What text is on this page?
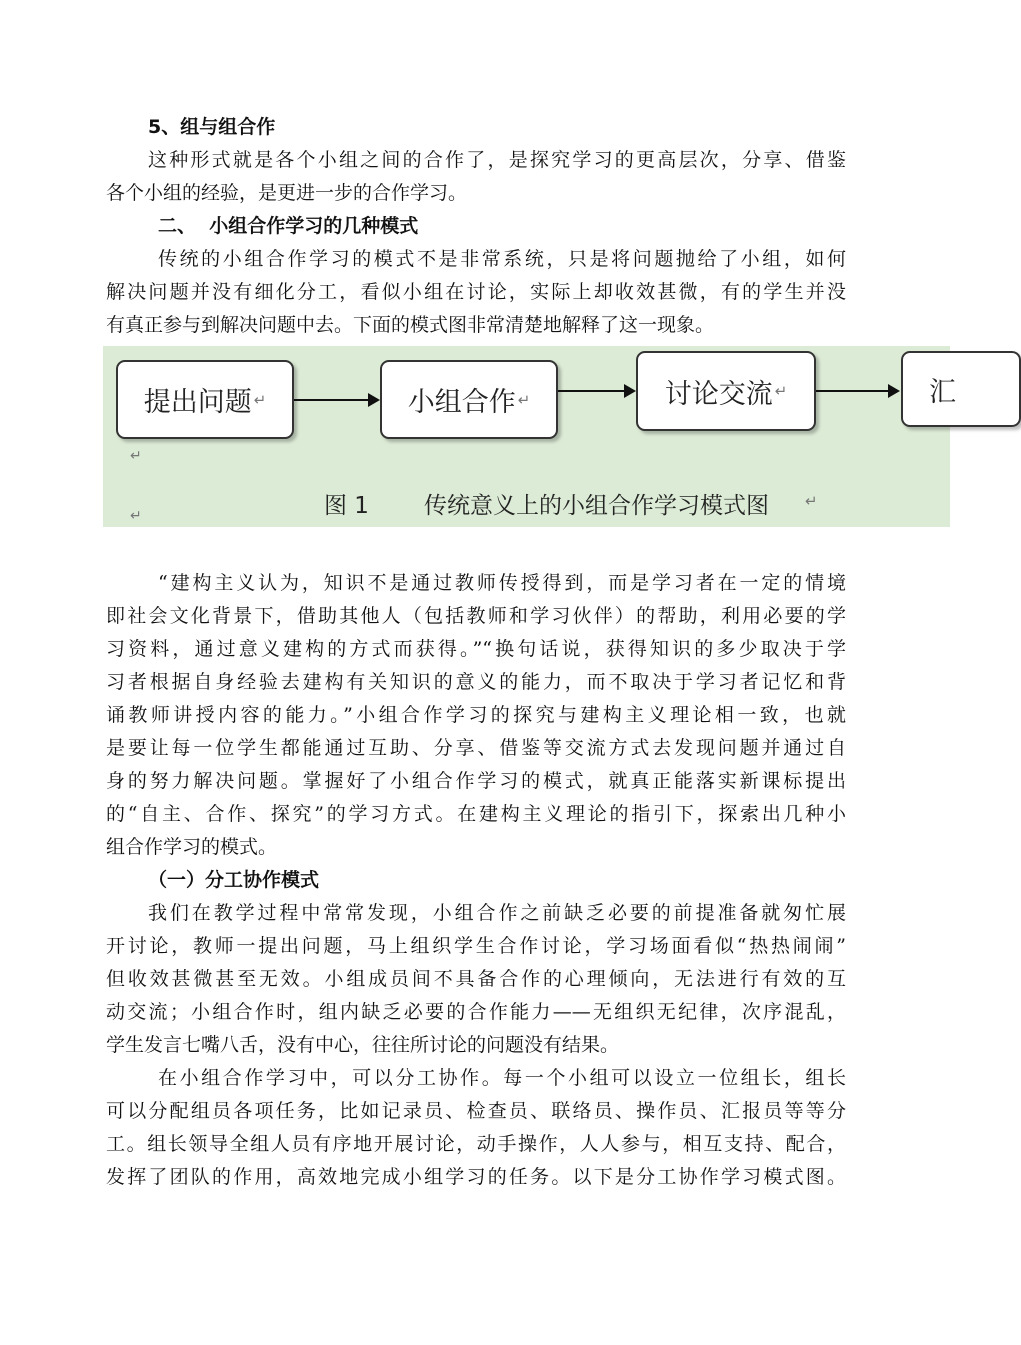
5、组与组合作
这种形式就是各个小组之间的合作了，是探究学习的更高层次，分享、借鉴
各个小组的经验，是更进一步的合作学习。
二、  小组合作学习的几种模式
传统的小组合作学习的模式不是非常系统，只是将问题抛给了小组，如何
解决问题并没有细化分工，看似小组在讨论，实际上却收效甚微，有的学生并没
有真正参与到解决问题中去。下面的模式图非常清楚地解释了这一现象。
提出问题 ↵	小组合作 ↵	讨论交流 ↵	汇
↵
图 1 传统意义上的小组合作学习模式图 ↵
↵
“建构主义认为，知识不是通过教师传授得到，而是学习者在一定的情境
即社会文化背景下，借助其他人（包括教师和学习伙伴）的帮助，利用必要的学
习资料，通过意义建构的方式而获得。”“换句话说，获得知识的多少取决于学
习者根据自身经验去建构有关知识的意义的能力，而不取决于学习者记忆和背
诵教师讲授内容的能力。”小组合作学习的探究与建构主义理论相一致，也就
是要让每一位学生都能通过互助、分享、借鉴等交流方式去发现问题并通过自
身的努力解决问题。掌握好了小组合作学习的模式，就真正能落实新课标提出
的“自主、合作、探究”的学习方式。在建构主义理论的指引下，探索出几种小
组合作学习的模式。
（一）分工协作模式
我们在教学过程中常常发现，小组合作之前缺乏必要的前提准备就匆忙展
开讨论，教师一提出问题，马上组织学生合作讨论，学习场面看似“热热闹闹”
但收效甚微甚至无效。小组成员间不具备合作的心理倾向，无法进行有效的互
动交流；小组合作时，组内缺乏必要的合作能力——无组织无纪律，次序混乱，
学生发言七嘴八舌，没有中心，往往所讨论的问题没有结果。
在小组合作学习中，可以分工协作。每一个小组可以设立一位组长，组长
可以分配组员各项任务，比如记录员、检查员、联络员、操作员、汇报员等等分
工。组长领导全组人员有序地开展讨论，动手操作，人人参与，相互支持、配合，
发挥了团队的作用，高效地完成小组学习的任务。以下是分工协作学习模式图。
